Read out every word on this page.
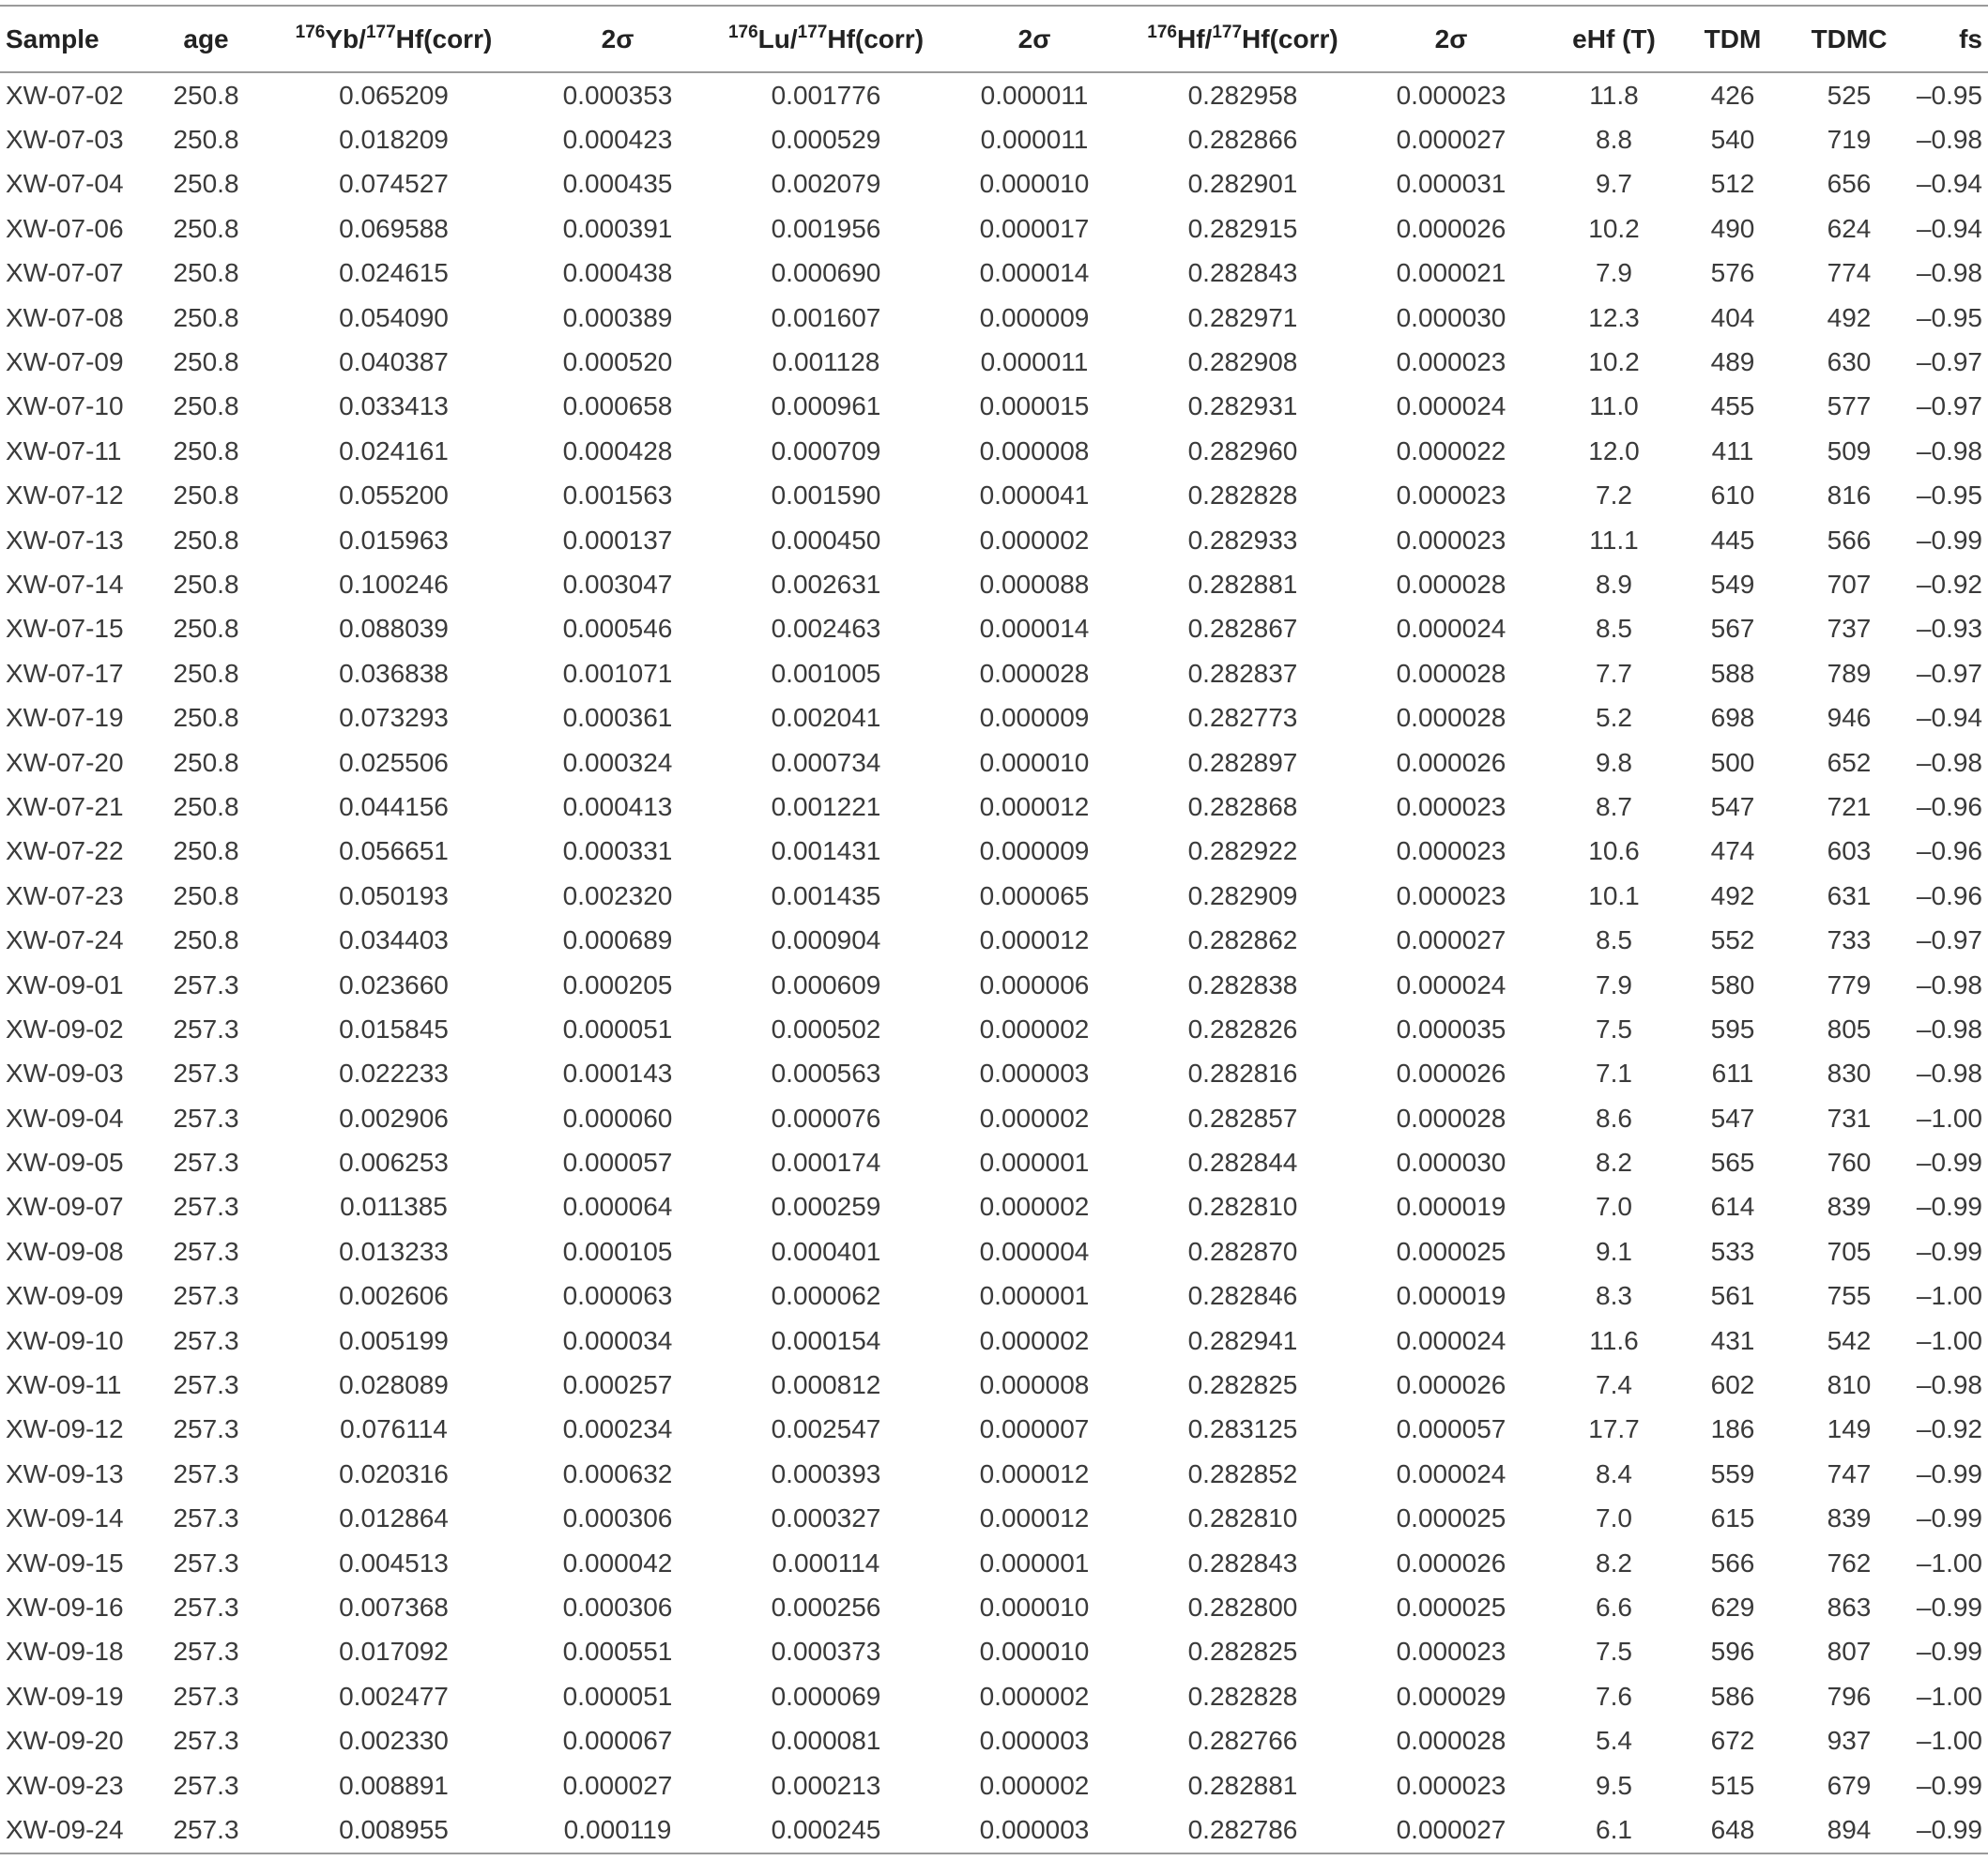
Sample	age	$^{176}$Yb/$^{177}$Hf(corr)	2σ	$^{176}$Lu/$^{177}$Hf(corr)	2σ	$^{176}$Hf/$^{177}$Hf(corr)	2σ	eHf (T)	TDM	TDMC	fs
XW-07-02	250.8	0.065209	0.000353	0.001776	0.000011	0.282958	0.000023	11.8	426	525	–0.95
XW-07-03	250.8	0.018209	0.000423	0.000529	0.000011	0.282866	0.000027	8.8	540	719	–0.98
XW-07-04	250.8	0.074527	0.000435	0.002079	0.000010	0.282901	0.000031	9.7	512	656	–0.94
XW-07-06	250.8	0.069588	0.000391	0.001956	0.000017	0.282915	0.000026	10.2	490	624	–0.94
XW-07-07	250.8	0.024615	0.000438	0.000690	0.000014	0.282843	0.000021	7.9	576	774	–0.98
XW-07-08	250.8	0.054090	0.000389	0.001607	0.000009	0.282971	0.000030	12.3	404	492	–0.95
XW-07-09	250.8	0.040387	0.000520	0.001128	0.000011	0.282908	0.000023	10.2	489	630	–0.97
XW-07-10	250.8	0.033413	0.000658	0.000961	0.000015	0.282931	0.000024	11.0	455	577	–0.97
XW-07-11	250.8	0.024161	0.000428	0.000709	0.000008	0.282960	0.000022	12.0	411	509	–0.98
XW-07-12	250.8	0.055200	0.001563	0.001590	0.000041	0.282828	0.000023	7.2	610	816	–0.95
XW-07-13	250.8	0.015963	0.000137	0.000450	0.000002	0.282933	0.000023	11.1	445	566	–0.99
XW-07-14	250.8	0.100246	0.003047	0.002631	0.000088	0.282881	0.000028	8.9	549	707	–0.92
XW-07-15	250.8	0.088039	0.000546	0.002463	0.000014	0.282867	0.000024	8.5	567	737	–0.93
XW-07-17	250.8	0.036838	0.001071	0.001005	0.000028	0.282837	0.000028	7.7	588	789	–0.97
XW-07-19	250.8	0.073293	0.000361	0.002041	0.000009	0.282773	0.000028	5.2	698	946	–0.94
XW-07-20	250.8	0.025506	0.000324	0.000734	0.000010	0.282897	0.000026	9.8	500	652	–0.98
XW-07-21	250.8	0.044156	0.000413	0.001221	0.000012	0.282868	0.000023	8.7	547	721	–0.96
XW-07-22	250.8	0.056651	0.000331	0.001431	0.000009	0.282922	0.000023	10.6	474	603	–0.96
XW-07-23	250.8	0.050193	0.002320	0.001435	0.000065	0.282909	0.000023	10.1	492	631	–0.96
XW-07-24	250.8	0.034403	0.000689	0.000904	0.000012	0.282862	0.000027	8.5	552	733	–0.97
XW-09-01	257.3	0.023660	0.000205	0.000609	0.000006	0.282838	0.000024	7.9	580	779	–0.98
XW-09-02	257.3	0.015845	0.000051	0.000502	0.000002	0.282826	0.000035	7.5	595	805	–0.98
XW-09-03	257.3	0.022233	0.000143	0.000563	0.000003	0.282816	0.000026	7.1	611	830	–0.98
XW-09-04	257.3	0.002906	0.000060	0.000076	0.000002	0.282857	0.000028	8.6	547	731	–1.00
XW-09-05	257.3	0.006253	0.000057	0.000174	0.000001	0.282844	0.000030	8.2	565	760	–0.99
XW-09-07	257.3	0.011385	0.000064	0.000259	0.000002	0.282810	0.000019	7.0	614	839	–0.99
XW-09-08	257.3	0.013233	0.000105	0.000401	0.000004	0.282870	0.000025	9.1	533	705	–0.99
XW-09-09	257.3	0.002606	0.000063	0.000062	0.000001	0.282846	0.000019	8.3	561	755	–1.00
XW-09-10	257.3	0.005199	0.000034	0.000154	0.000002	0.282941	0.000024	11.6	431	542	–1.00
XW-09-11	257.3	0.028089	0.000257	0.000812	0.000008	0.282825	0.000026	7.4	602	810	–0.98
XW-09-12	257.3	0.076114	0.000234	0.002547	0.000007	0.283125	0.000057	17.7	186	149	–0.92
XW-09-13	257.3	0.020316	0.000632	0.000393	0.000012	0.282852	0.000024	8.4	559	747	–0.99
XW-09-14	257.3	0.012864	0.000306	0.000327	0.000012	0.282810	0.000025	7.0	615	839	–0.99
XW-09-15	257.3	0.004513	0.000042	0.000114	0.000001	0.282843	0.000026	8.2	566	762	–1.00
XW-09-16	257.3	0.007368	0.000306	0.000256	0.000010	0.282800	0.000025	6.6	629	863	–0.99
XW-09-18	257.3	0.017092	0.000551	0.000373	0.000010	0.282825	0.000023	7.5	596	807	–0.99
XW-09-19	257.3	0.002477	0.000051	0.000069	0.000002	0.282828	0.000029	7.6	586	796	–1.00
XW-09-20	257.3	0.002330	0.000067	0.000081	0.000003	0.282766	0.000028	5.4	672	937	–1.00
XW-09-23	257.3	0.008891	0.000027	0.000213	0.000002	0.282881	0.000023	9.5	515	679	–0.99
XW-09-24	257.3	0.008955	0.000119	0.000245	0.000003	0.282786	0.000027	6.1	648	894	–0.99
